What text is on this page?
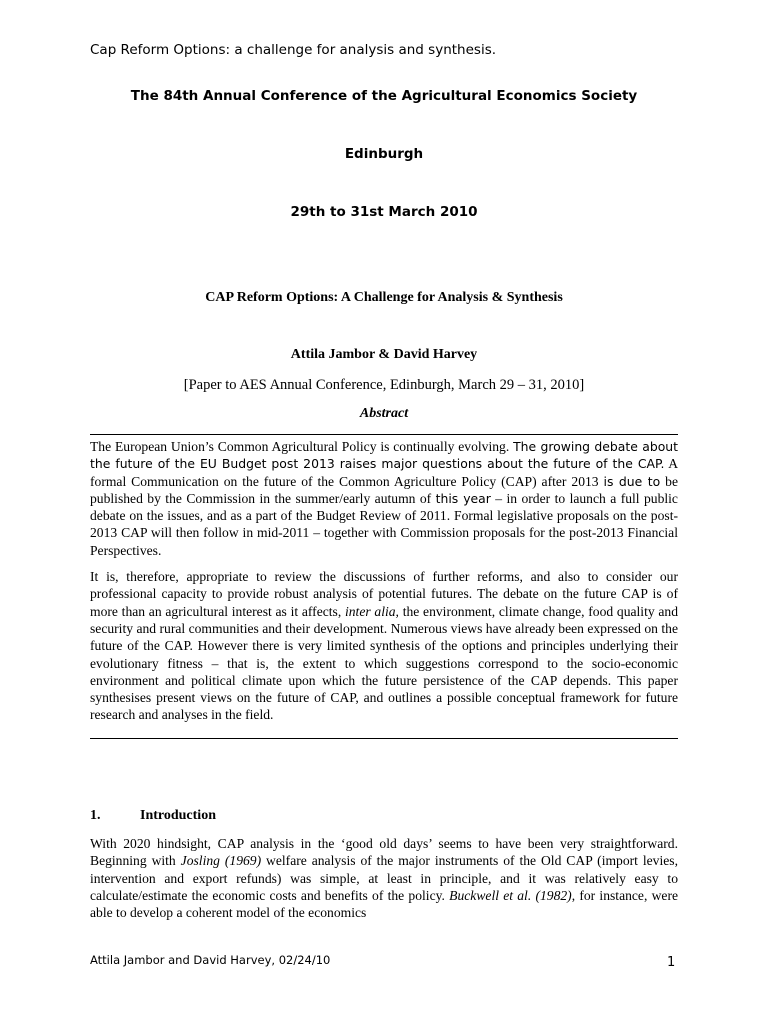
Cap Reform Options: a challenge for analysis and synthesis.
The 84th Annual Conference of the Agricultural Economics Society
Edinburgh
29th to 31st March 2010
CAP Reform Options: A Challenge for Analysis & Synthesis
Attila Jambor & David Harvey
[Paper to AES Annual Conference, Edinburgh, March 29 – 31, 2010]
Abstract

The European Union’s Common Agricultural Policy is continually evolving. The growing debate about the future of the EU Budget post 2013 raises major questions about the future of the CAP. A formal Communication on the future of the Common Agriculture Policy (CAP) after 2013 is due to be published by the Commission in the summer/early autumn of this year – in order to launch a full public debate on the issues, and as a part of the Budget Review of 2011. Formal legislative proposals on the post-2013 CAP will then follow in mid-2011 – together with Commission proposals for the post-2013 Financial Perspectives.

It is, therefore, appropriate to review the discussions of further reforms, and also to consider our professional capacity to provide robust analysis of potential futures. The debate on the future CAP is of more than an agricultural interest as it affects, inter alia, the environment, climate change, food quality and security and rural communities and their development. Numerous views have already been expressed on the future of the CAP. However there is very limited synthesis of the options and principles underlying their evolutionary fitness – that is, the extent to which suggestions correspond to the socio-economic environment and political climate upon which the future persistence of the CAP depends. This paper synthesises present views on the future of CAP, and outlines a possible conceptual framework for future research and analyses in the field.

1.	Introduction

With 2020 hindsight, CAP analysis in the ‘good old days’ seems to have been very straightforward. Beginning with Josling (1969) welfare analysis of the major instruments of the Old CAP (import levies, intervention and export refunds) was simple, at least in principle, and it was relatively easy to calculate/estimate the economic costs and benefits of the policy. Buckwell et al. (1982), for instance, were able to develop a coherent model of the economics

Attila Jambor and David Harvey, 02/24/10	1
